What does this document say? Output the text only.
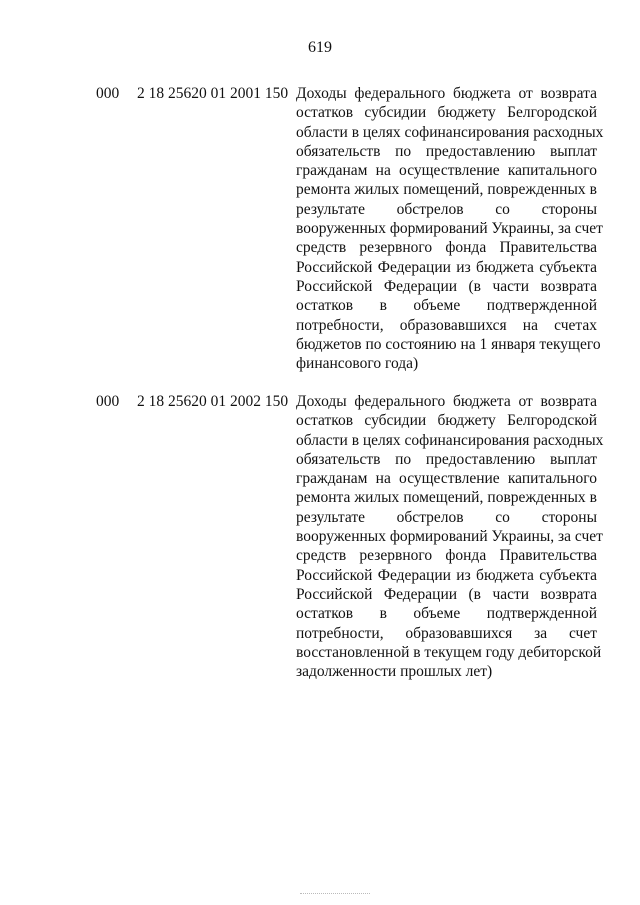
619
000 2 18 25620 01 2001 150 Доходы федерального бюджета от возврата
остатков субсидии бюджету Белгородской
области в целях софинансирования расходных
обязательств по предоставлению выплат
гражданам на осуществление капитального
ремонта жилых помещений, поврежденных в
результате обстрелов со стороны
вооруженных формирований Украины, за счет
средств резервного фонда Правительства
Российской Федерации из бюджета субъекта
Российской Федерации (в части возврата
остатков в объеме подтвержденной
потребности, образовавшихся на счетах
бюджетов по состоянию на 1 января текущего
финансового года)
000 2 18 25620 01 2002 150 Доходы федерального бюджета от возврата
остатков субсидии бюджету Белгородской
области в целях софинансирования расходных
обязательств по предоставлению выплат
гражданам на осуществление капитального
ремонта жилых помещений, поврежденных в
результате обстрелов со стороны
вооруженных формирований Украины, за счет
средств резервного фонда Правительства
Российской Федерации из бюджета субъекта
Российской Федерации (в части возврата
остатков в объеме подтвержденной
потребности, образовавшихся за счет
восстановленной в текущем году дебиторской
задолженности прошлых лет)
